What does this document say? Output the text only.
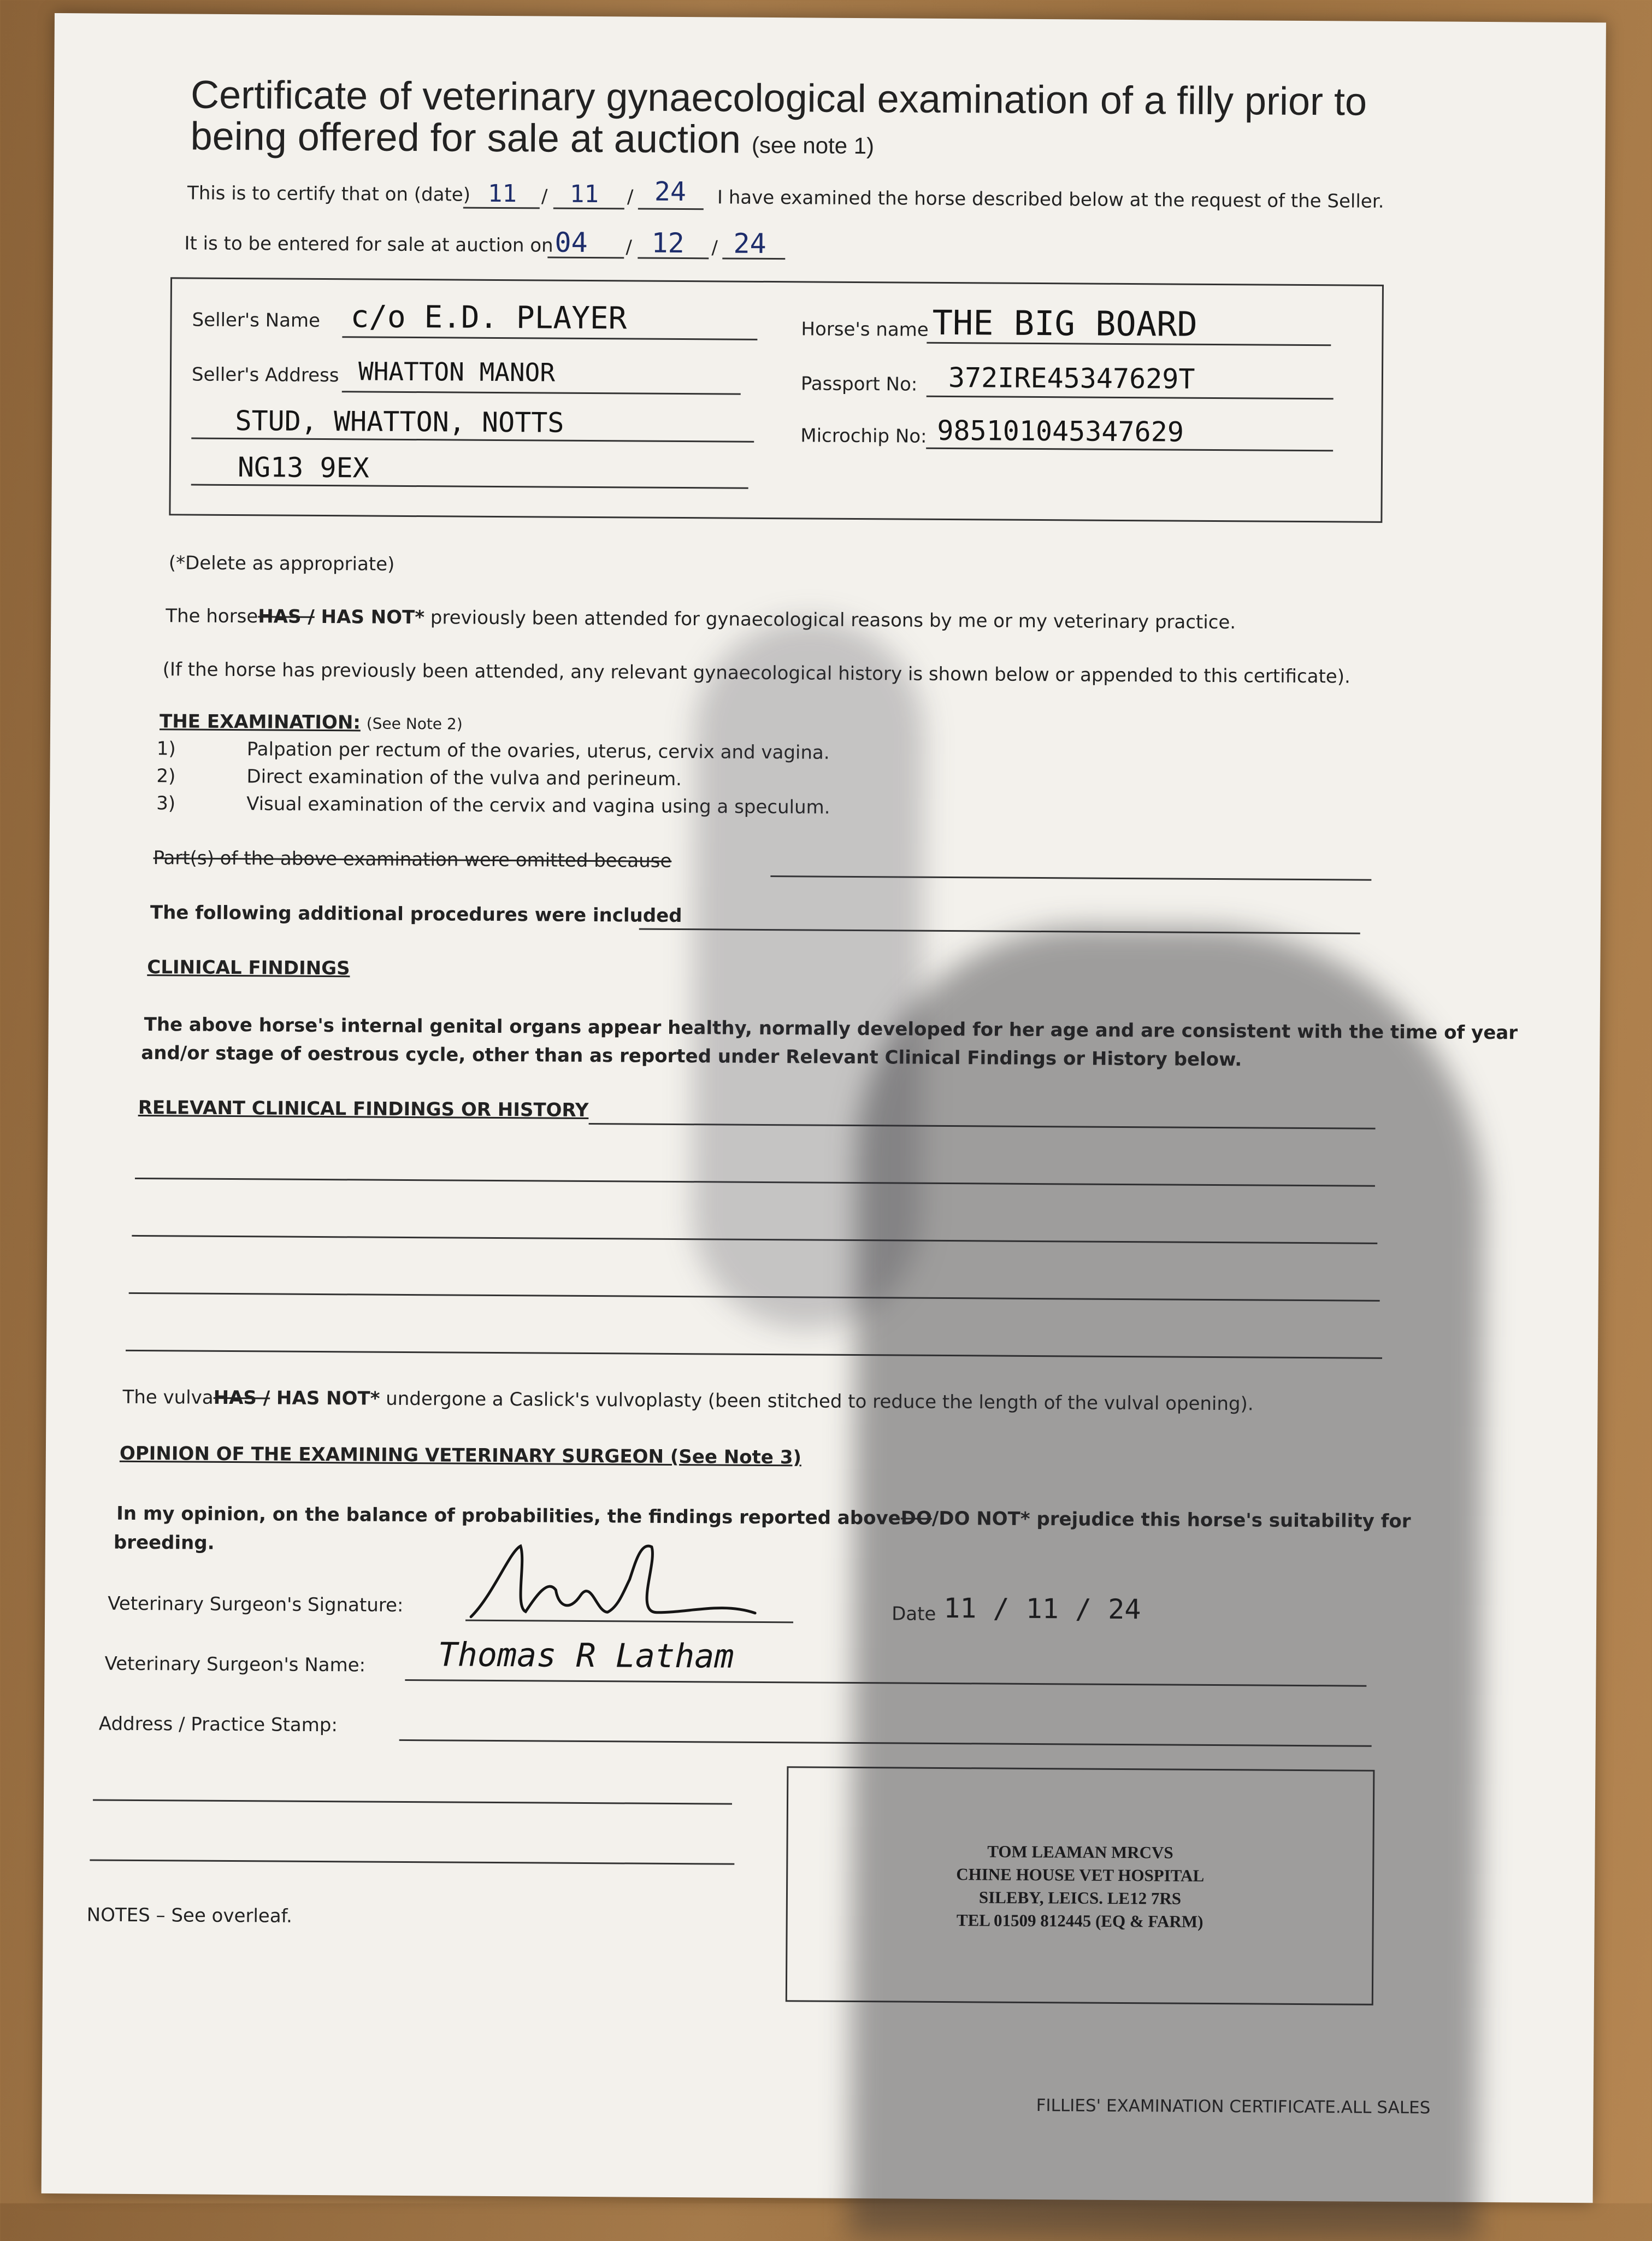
Certificate of veterinary gynaecological examination of a filly prior to
being offered for sale at auction (see note 1)
This is to certify that on (date) 11 / 11 / 24 I have examined the horse described below at the request of the Seller.
It is to be entered for sale at auction on 04 / 12 / 24
Seller's Name c/o E.D. PLAYER
Seller's Address WHATTON MANOR
STUD, WHATTON, NOTTS
NG13 9EX
Horse's name THE BIG BOARD
Passport No: 372IRE45347629T
Microchip No: 985101045347629
(*Delete as appropriate)
The horseHAS / HAS NOT* previously been attended for gynaecological reasons by me or my veterinary practice.
(If the horse has previously been attended, any relevant gynaecological history is shown below or appended to this certificate).
THE EXAMINATION: (See Note 2)
1)	Palpation per rectum of the ovaries, uterus, cervix and vagina.
2)	Direct examination of the vulva and perineum.
3)	Visual examination of the cervix and vagina using a speculum.
Part(s) of the above examination were omitted because
The following additional procedures were included
CLINICAL FINDINGS
The above horse's internal genital organs appear healthy, normally developed for her age and are consistent with the time of year
and/or stage of oestrous cycle, other than as reported under Relevant Clinical Findings or History below.
RELEVANT CLINICAL FINDINGS OR HISTORY
The vulvaHAS / HAS NOT* undergone a Caslick's vulvoplasty (been stitched to reduce the length of the vulval opening).
OPINION OF THE EXAMINING VETERINARY SURGEON (See Note 3)
In my opinion, on the balance of probabilities, the findings reported aboveDO/DO NOT* prejudice this horse's suitability for
breeding.
Veterinary Surgeon's Signature:	Date 11 / 11 / 24
Veterinary Surgeon's Name: Thomas R Latham
Address / Practice Stamp:
TOM LEAMAN MRCVS
CHINE HOUSE VET HOSPITAL
SILEBY, LEICS. LE12 7RS
TEL 01509 812445 (EQ & FARM)
NOTES – See overleaf.
FILLIES' EXAMINATION CERTIFICATE.ALL SALES
